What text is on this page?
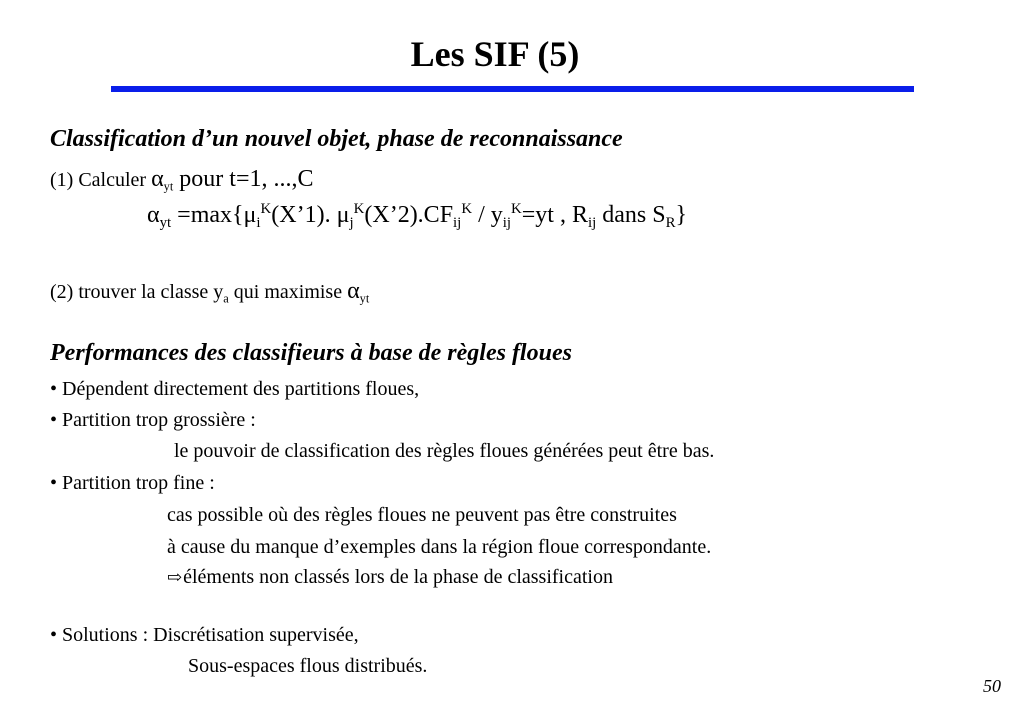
Les SIF (5)
Classification d’un nouvel objet, phase de reconnaissance
(1) Calculer $\alpha_{yt}$ pour t=1, ...,C
$\alpha_{yt}$ $=\max\{\mu_i^K(X’1)$. $\mu_j^K(X’2).CF_{ij}^K / y_{ij}^K=yt$ , $R_{ij}$ dans $S_R$}
(2) trouver la classe $y_a$ qui maximise $\alpha_{yt}$
Performances des classifieurs à base de règles floues
• Dépendent directement des partitions floues,
• Partition trop grossière :
le pouvoir de classification des règles floues générées peut être bas.
• Partition trop fine :
cas possible où des règles floues ne peuvent pas être construites
à cause du manque d’exemples dans la région floue correspondante.
⇨éléments non classés lors de la phase de classification
• Solutions : Discrétisation supervisée,
Sous-espaces flous distribués.
50
